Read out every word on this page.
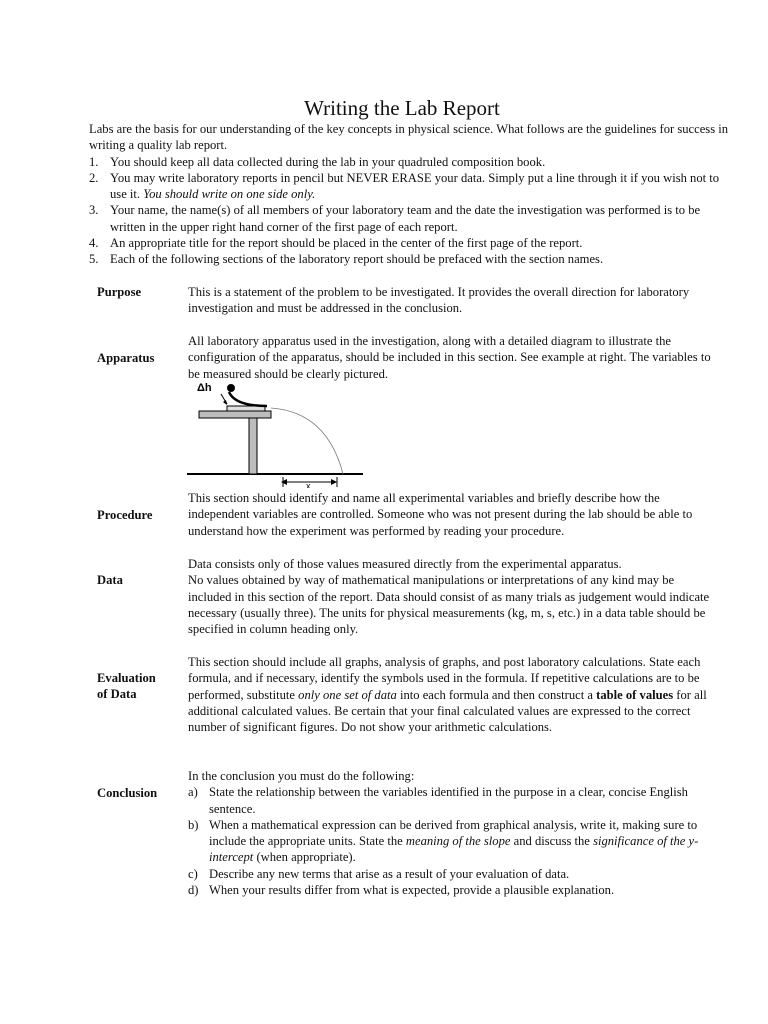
Writing the Lab Report

Labs are the basis for our understanding of the key concepts in physical science. What follows are the guidelines for success in writing a quality lab report.

1. You should keep all data collected during the lab in your quadruled composition book.
2. You may write laboratory reports in pencil but NEVER ERASE your data. Simply put a line through it if you wish not to use it. You should write on one side only.
3. Your name, the name(s) of all members of your laboratory team and the date the investigation was performed is to be written in the upper right hand corner of the first page of each report.
4. An appropriate title for the report should be placed in the center of the first page of the report.
5. Each of the following sections of the laboratory report should be prefaced with the section names.
Purpose	This is a statement of the problem to be investigated. It provides the overall direction for laboratory investigation and must be addressed in the conclusion.
Apparatus
All laboratory apparatus used in the investigation, along with a detailed diagram to illustrate the configuration of the apparatus, should be included in this section. See example at right. The variables to be measured should be clearly pictured.
Δh
x
Procedure
This section should identify and name all experimental variables and briefly describe how the independent variables are controlled. Someone who was not present during the lab should be able to understand how the experiment was performed by reading your procedure.
Data

Data consists only of those values measured directly from the experimental apparatus.

No values obtained by way of mathematical manipulations or interpretations of any kind may be included in this section of the report. Data should consist of as many trials as judgement would indicate necessary (usually three). The units for physical measurements (kg, m, s, etc.) in a data table should be specified in column heading only.

Evaluation
of Data

This section should include all graphs, analysis of graphs, and post laboratory calculations. State each formula, and if necessary, identify the symbols used in the formula. If repetitive calculations are to be performed, substitute only one set of data into each formula and then construct a table of values for all additional calculated values. Be certain that your final calculated values are expressed to the correct number of significant figures. Do not show your arithmetic calculations.

Conclusion

In the conclusion you must do the following:

a) State the relationship between the variables identified in the purpose in a clear, concise English sentence.
b) When a mathematical expression can be derived from graphical analysis, write it, making sure to include the appropriate units. State the meaning of the slope and discuss the significance of the y-intercept (when appropriate).
c) Describe any new terms that arise as a result of your evaluation of data.
d) When your results differ from what is expected, provide a plausible explanation.
